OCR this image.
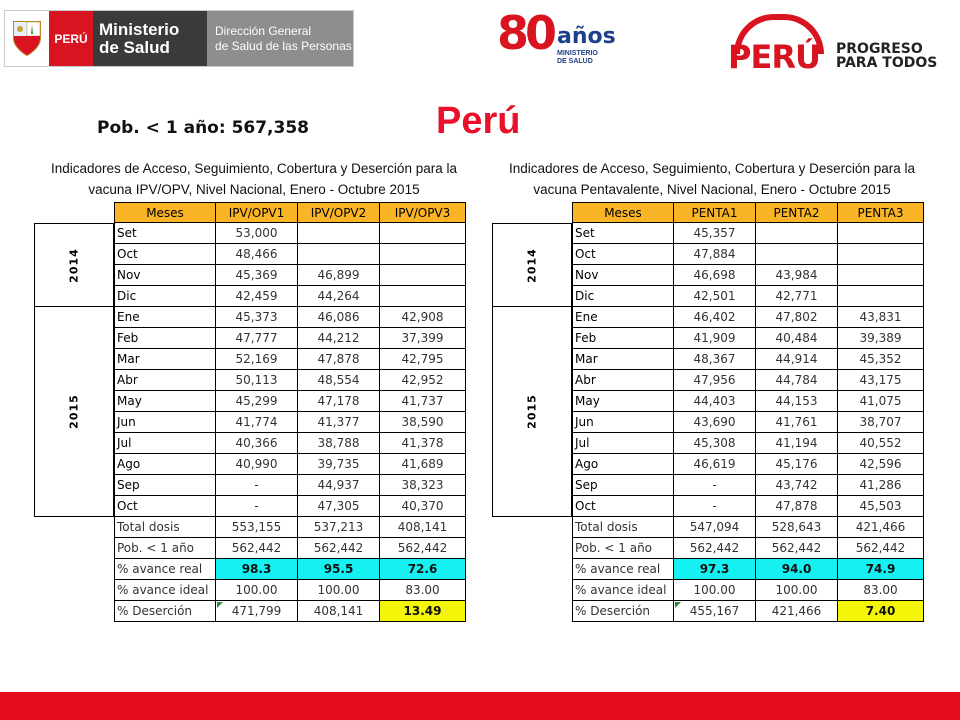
PERÚ Ministerio
de Salud
Dirección General
de Salud de las Personas	80 años
MINISTERIO
DE SALUD	PERÚ PROGRESO
PARA TODOS
Pob. < 1 año: 567,358	Perú
Indicadores de Acceso, Seguimiento, Cobertura y Deserción para la
vacuna IPV/OPV, Nivel Nacional, Enero - Octubre 2015
	Meses	IPV/OPV1	IPV/OPV2	IPV/OPV3

2014	Set	53,000		
	Oct	48,466		
	Nov	45,369	46,899	
	Dic	42,459	44,264	

2015	Ene	45,373	46,086	42,908
	Feb	47,777	44,212	37,399
	Mar	52,169	47,878	42,795
	Abr	50,113	48,554	42,952
	May	45,299	47,178	41,737
	Jun	41,774	41,377	38,590
	Jul	40,366	38,788	41,378
	Ago	40,990	39,735	41,689
	Sep	-	44,937	38,323
	Oct	-	47,305	40,370
	Total dosis	553,155	537,213	408,141
	Pob. < 1 año	562,442	562,442	562,442
	% avance real	98.3	95.5	72.6
	% avance ideal	100.00	100.00	83.00
	% Deserción	471,799	408,141	13.49
Indicadores de Acceso, Seguimiento, Cobertura y Deserción para la
vacuna Pentavalente, Nivel Nacional, Enero - Octubre 2015
	Meses	PENTA1	PENTA2	PENTA3

2014	Set	45,357		
	Oct	47,884		
	Nov	46,698	43,984	
	Dic	42,501	42,771	

2015	Ene	46,402	47,802	43,831
	Feb	41,909	40,484	39,389
	Mar	48,367	44,914	45,352
	Abr	47,956	44,784	43,175
	May	44,403	44,153	41,075
	Jun	43,690	41,761	38,707
	Jul	45,308	41,194	40,552
	Ago	46,619	45,176	42,596
	Sep	-	43,742	41,286
	Oct	-	47,878	45,503
	Total dosis	547,094	528,643	421,466
	Pob. < 1 año	562,442	562,442	562,442
	% avance real	97.3	94.0	74.9
	% avance ideal	100.00	100.00	83.00
	% Deserción	455,167	421,466	7.40
